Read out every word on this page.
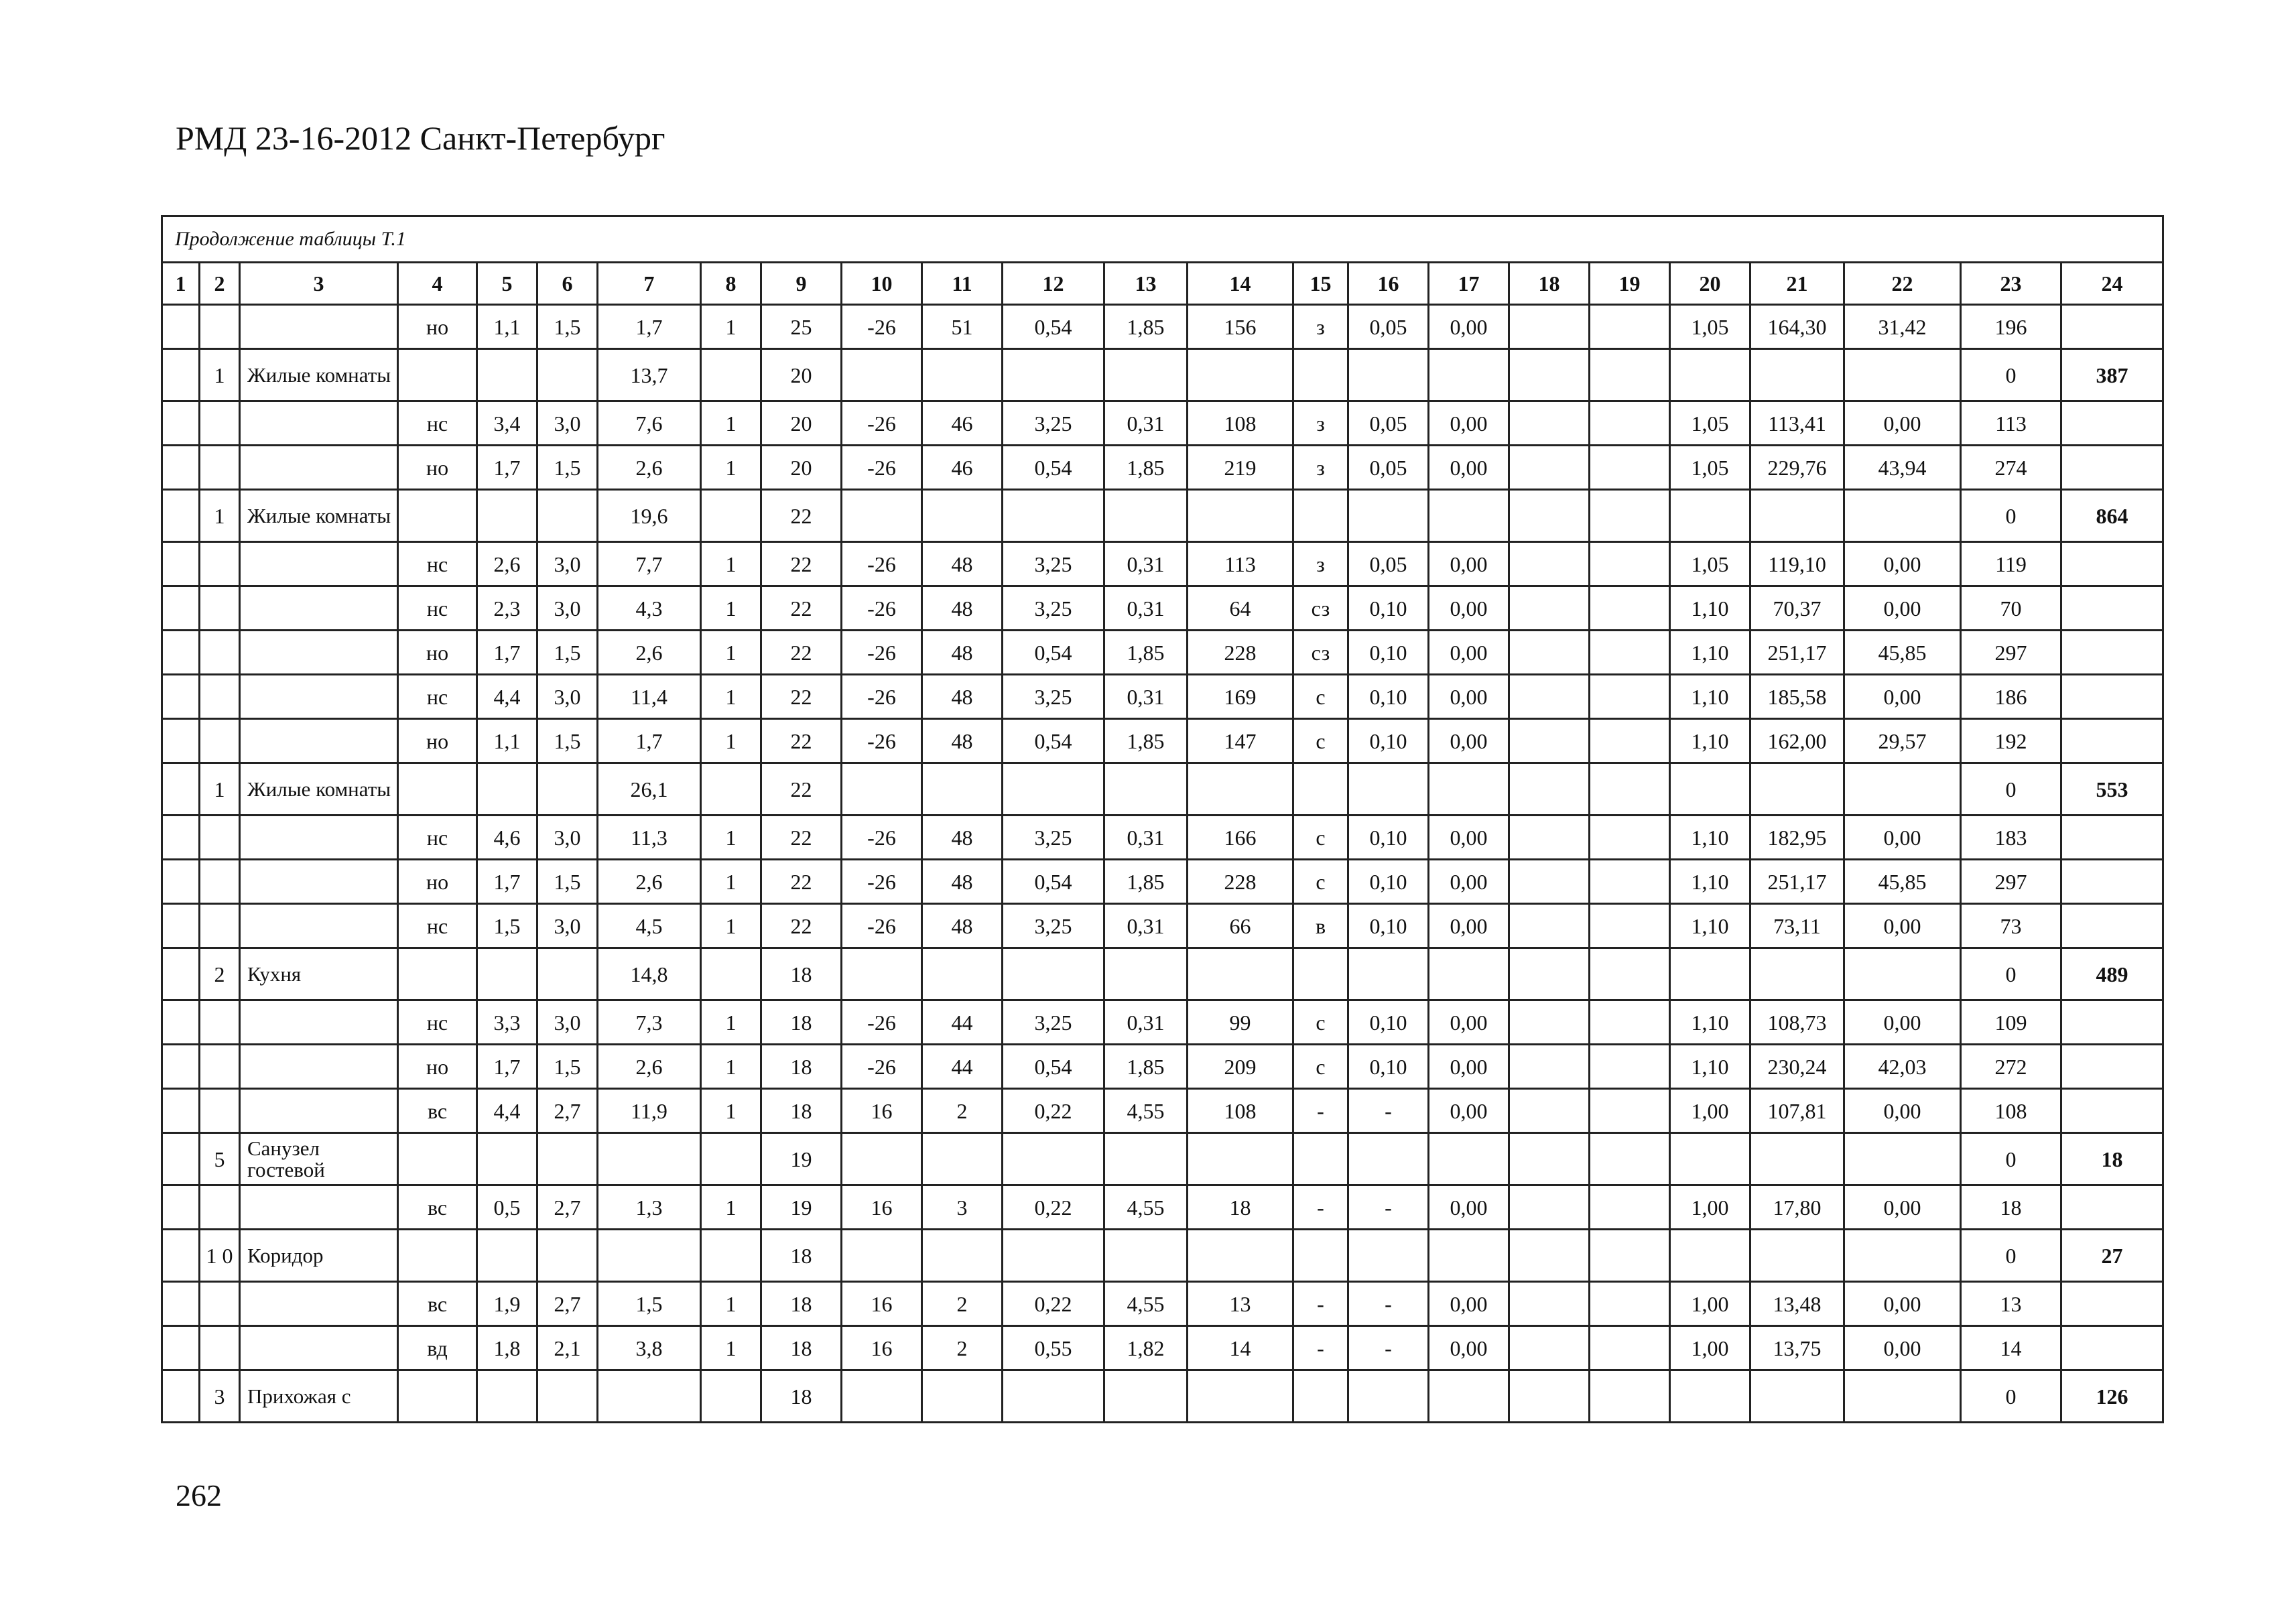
РМД 23-16-2012 Санкт-Петербург
Продолжение таблицы Т.1																							
1	2	3	4	5	6	7	8	9	10	11	12	13	14	15	16	17	18	19	20	21	22	23	24
			но	1,1	1,5	1,7	1	25	-26	51	0,54	1,85	156	з	0,05	0,00			1,05	164,30	31,42	196	
	1	Жилые комнаты				13,7		20														0	387
			нс	3,4	3,0	7,6	1	20	-26	46	3,25	0,31	108	з	0,05	0,00			1,05	113,41	0,00	113	
			но	1,7	1,5	2,6	1	20	-26	46	0,54	1,85	219	з	0,05	0,00			1,05	229,76	43,94	274	
	1	Жилые комнаты				19,6		22														0	864
			нс	2,6	3,0	7,7	1	22	-26	48	3,25	0,31	113	з	0,05	0,00			1,05	119,10	0,00	119	
			нс	2,3	3,0	4,3	1	22	-26	48	3,25	0,31	64	сз	0,10	0,00			1,10	70,37	0,00	70	
			но	1,7	1,5	2,6	1	22	-26	48	0,54	1,85	228	сз	0,10	0,00			1,10	251,17	45,85	297	
			нс	4,4	3,0	11,4	1	22	-26	48	3,25	0,31	169	с	0,10	0,00			1,10	185,58	0,00	186	
			но	1,1	1,5	1,7	1	22	-26	48	0,54	1,85	147	с	0,10	0,00			1,10	162,00	29,57	192	
	1	Жилые комнаты				26,1		22														0	553
			нс	4,6	3,0	11,3	1	22	-26	48	3,25	0,31	166	с	0,10	0,00			1,10	182,95	0,00	183	
			но	1,7	1,5	2,6	1	22	-26	48	0,54	1,85	228	с	0,10	0,00			1,10	251,17	45,85	297	
			нс	1,5	3,0	4,5	1	22	-26	48	3,25	0,31	66	в	0,10	0,00			1,10	73,11	0,00	73	
	2	Кухня				14,8		18														0	489
			нс	3,3	3,0	7,3	1	18	-26	44	3,25	0,31	99	с	0,10	0,00			1,10	108,73	0,00	109	
			но	1,7	1,5	2,6	1	18	-26	44	0,54	1,85	209	с	0,10	0,00			1,10	230,24	42,03	272	
			вс	4,4	2,7	11,9	1	18	16	2	0,22	4,55	108	-	-	0,00			1,00	107,81	0,00	108	
	5	Санузел гостевой						19														0	18
			вс	0,5	2,7	1,3	1	19	16	3	0,22	4,55	18	-	-	0,00			1,00	17,80	0,00	18	
	1 0	Коридор						18														0	27
			вс	1,9	2,7	1,5	1	18	16	2	0,22	4,55	13	-	-	0,00			1,00	13,48	0,00	13	
			вд	1,8	2,1	3,8	1	18	16	2	0,55	1,82	14	-	-	0,00			1,00	13,75	0,00	14	
	3	Прихожая с						18														0	126
262
